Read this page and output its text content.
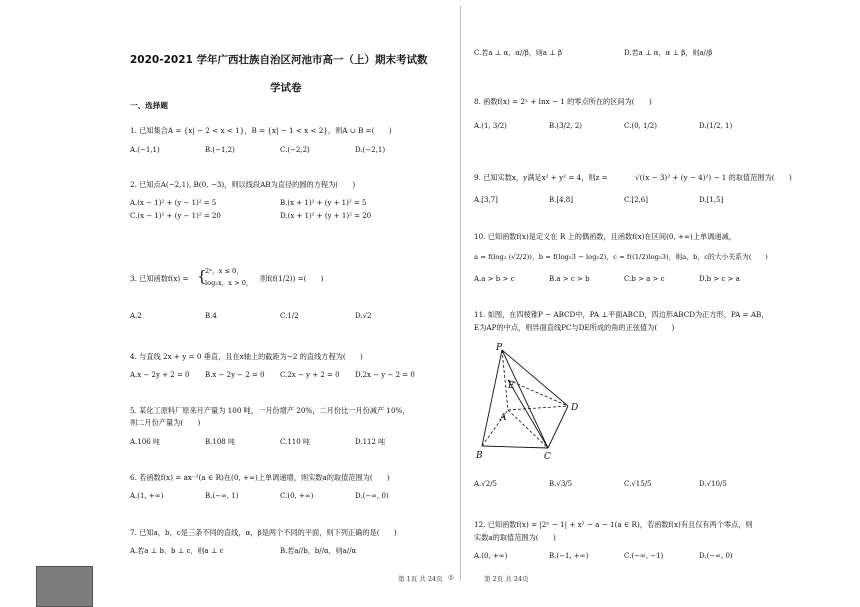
2020-2021 学年广西壮族自治区河池市高一（上）期末考试数
学试卷
一、选择题
1. 已知集合A = {x| − 2 < x < 1}，B = {x| − 1 < x < 2}，则A ∪ B =(　　)
A.(−1,1)	B.(−1,2)	C.(−2,2)	D.(−2,1)
2. 已知点A(−2,1), B(0, −3)，则以线段AB为直径的圆的方程为(　　)
A.(x − 1)² + (y − 1)² = 5	B.(x + 1)² + (y + 1)² = 5
C.(x − 1)² + (y − 1)² = 20	D.(x + 1)² + (y + 1)² = 20
3. 已知函数f(x) = {
2ˣ，x ≤ 0，
log₂x，x > 0， 则f(f(1/2)) =(　　)
A.2	B.4	C.1/2	D.√2
4. 与直线 2x + y = 0 垂直，且在x轴上的截距为−2 的直线方程为(　　)
A.x − 2y + 2 = 0 B.x − 2y − 2 = 0 C.2x − y + 2 = 0 D.2x − y − 2 = 0
5. 某化工原料厂原来月产量为 100 吨，一月份增产 20%，二月份比一月份减产 10%，
则二月份产量为(　　)
A.106 吨	B.108 吨	C.110 吨	D.112 吨
6. 若函数f(x) = ax⁻²(a ∈ R)在(0, +∞)上单调递增，则实数a的取值范围为(　　)
A.(1, +∞)	B.(−∞, 1)	C.(0, +∞)	D.(−∞, 0)
7. 已知a，b，c是三条不同的直线，α，β是两个不同的平面，则下列正确的是(　　)
A.若a ⊥ b，b ⊥ c，则a ⊥ c	B.若a//b，b//α，则a//α
第 1页 共 24页 ◎
C.若a ⊥ α，α//β，则a ⊥ β	D.若a ⊥ α，α ⊥ β，则a//β
8. 函数f(x) = 2ˣ + lnx − 1 的零点所在的区间为(　　)
A.(1, 3/2)	B.(3/2, 2)	C.(0, 1/2)	D.(1/2, 1)
9. 已知实数x，y满足x² + y² = 4，则z =	√((x − 3)² + (y − 4)²) − 1 的取值范围为(　　)
A.[3,7]	B.[4,8]	C.[2,6]	D.[1,5]
10. 已知函数f(x)是定义在 R 上的偶函数，且函数f(x)在区间(0, +∞)上单调递减，
a = f(log₂ (√2/2))，b = f(log₅3 − log₅2)，c = f((1/2)log₅3)，则a，b，c的大小关系为(　　)
A.a > b > c	B.a > c > b	C.b > a > c	D.b > c > a
11. 如图，在四棱锥P − ABCD中，PA ⊥平面ABCD，四边形ABCD为正方形，PA = AB，
E为AP的中点，则异面直线PC与DE所成的角的正弦值为(　　)
A.√2/5	B.√3/5	C.√15/5	D.√10/5
12. 已知函数f(x) = |2ˣ − 1| + x² − a − 1(a ∈ R)，若函数f(x)有且仅有两个零点，则
实数a的取值范围为(　　)
A.(0, +∞)	B.(−1, +∞)	C.(−∞, −1)	D.(−∞, 0)
第 2页 共 24页
P
E
A
B	C
D
